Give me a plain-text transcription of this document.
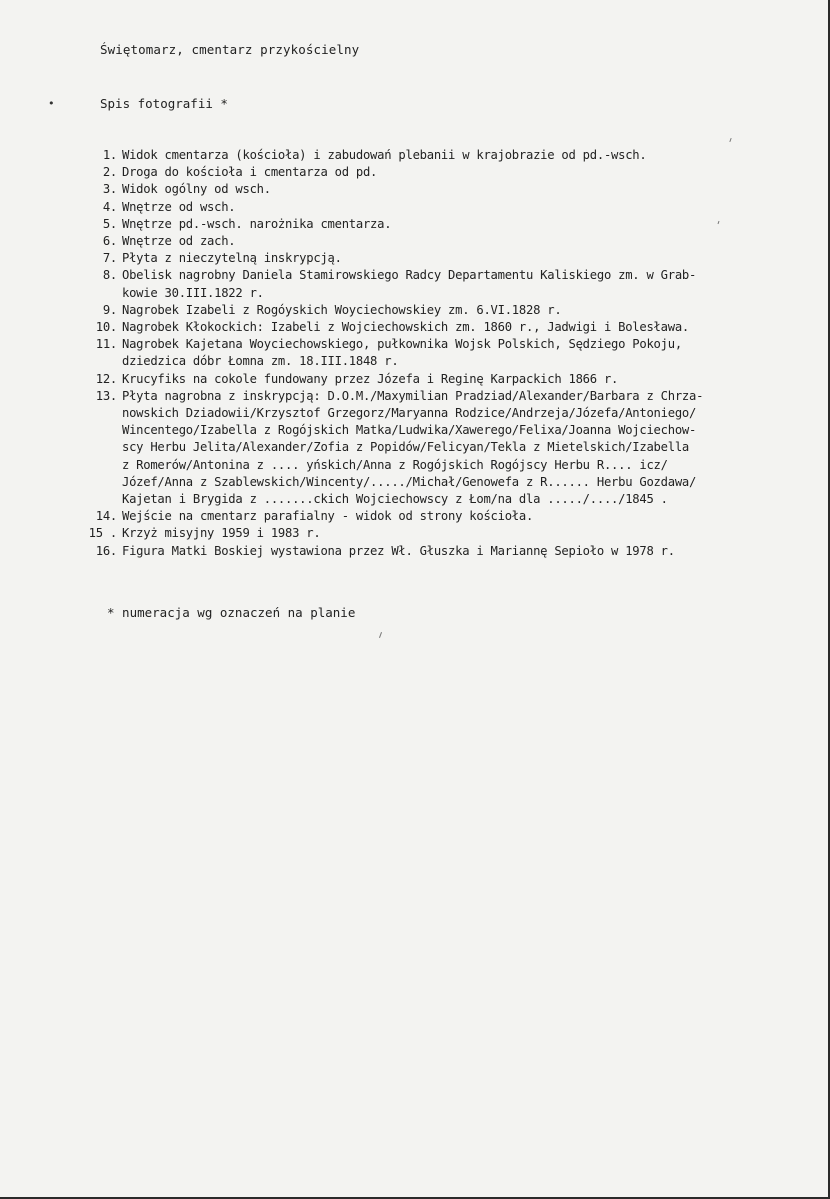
Świętomarz, cmentarz przykościelny
•	Spis fotografii *
1. Widok cmentarza (kościoła) i zabudowań plebanii w krajobrazie od pd.-wsch.
2. Droga do kościoła i cmentarza od pd.
3. Widok ogólny od wsch.
4. Wnętrze od wsch.
5. Wnętrze pd.-wsch. narożnika cmentarza.
6. Wnętrze od zach.
7. Płyta z nieczytelną inskrypcją.
8. Obelisk nagrobny Daniela Stamirowskiego Radcy Departamentu Kaliskiego zm. w Grab-
kowie 30.III.1822 r.
9. Nagrobek Izabeli z Rogóyskich Woyciechowskiey zm. 6.VI.1828 r.
10. Nagrobek Kłokockich: Izabeli z Wojciechowskich zm. 1860 r., Jadwigi i Bolesława.
11. Nagrobek Kajetana Woyciechowskiego, pułkownika Wojsk Polskich, Sędziego Pokoju,
dziedzica dóbr Łomna zm. 18.III.1848 r.
12. Krucyfiks na cokole fundowany przez Józefa i Reginę Karpackich 1866 r.
13. Płyta nagrobna z inskrypcją: D.O.M./Maxymilian Pradziad/Alexander/Barbara z Chrza-
nowskich Dziadowii/Krzysztof Grzegorz/Maryanna Rodzice/Andrzeja/Józefa/Antoniego/
Wincentego/Izabella z Rogójskich Matka/Ludwika/Xawerego/Felixa/Joanna Wojciechow-
scy Herbu Jelita/Alexander/Zofia z Popidów/Felicyan/Tekla z Mietelskich/Izabella
z Romerów/Antonina z .... yńskich/Anna z Rogójskich Rogójscy Herbu R.... icz/
Józef/Anna z Szablewskich/Wincenty/...../Michał/Genowefa z R...... Herbu Gozdawa/
Kajetan i Brygida z .......ckich Wojciechowscy z Łom/na dla ...../..../1845 .
14. Wejście na cmentarz parafialny - widok od strony kościoła.
15 . Krzyż misyjny 1959 i 1983 r.
16. Figura Matki Boskiej wystawiona przez Wł. Głuszka i Mariannę Sepioło w 1978 r.
* numeracja wg oznaczeń na planie
